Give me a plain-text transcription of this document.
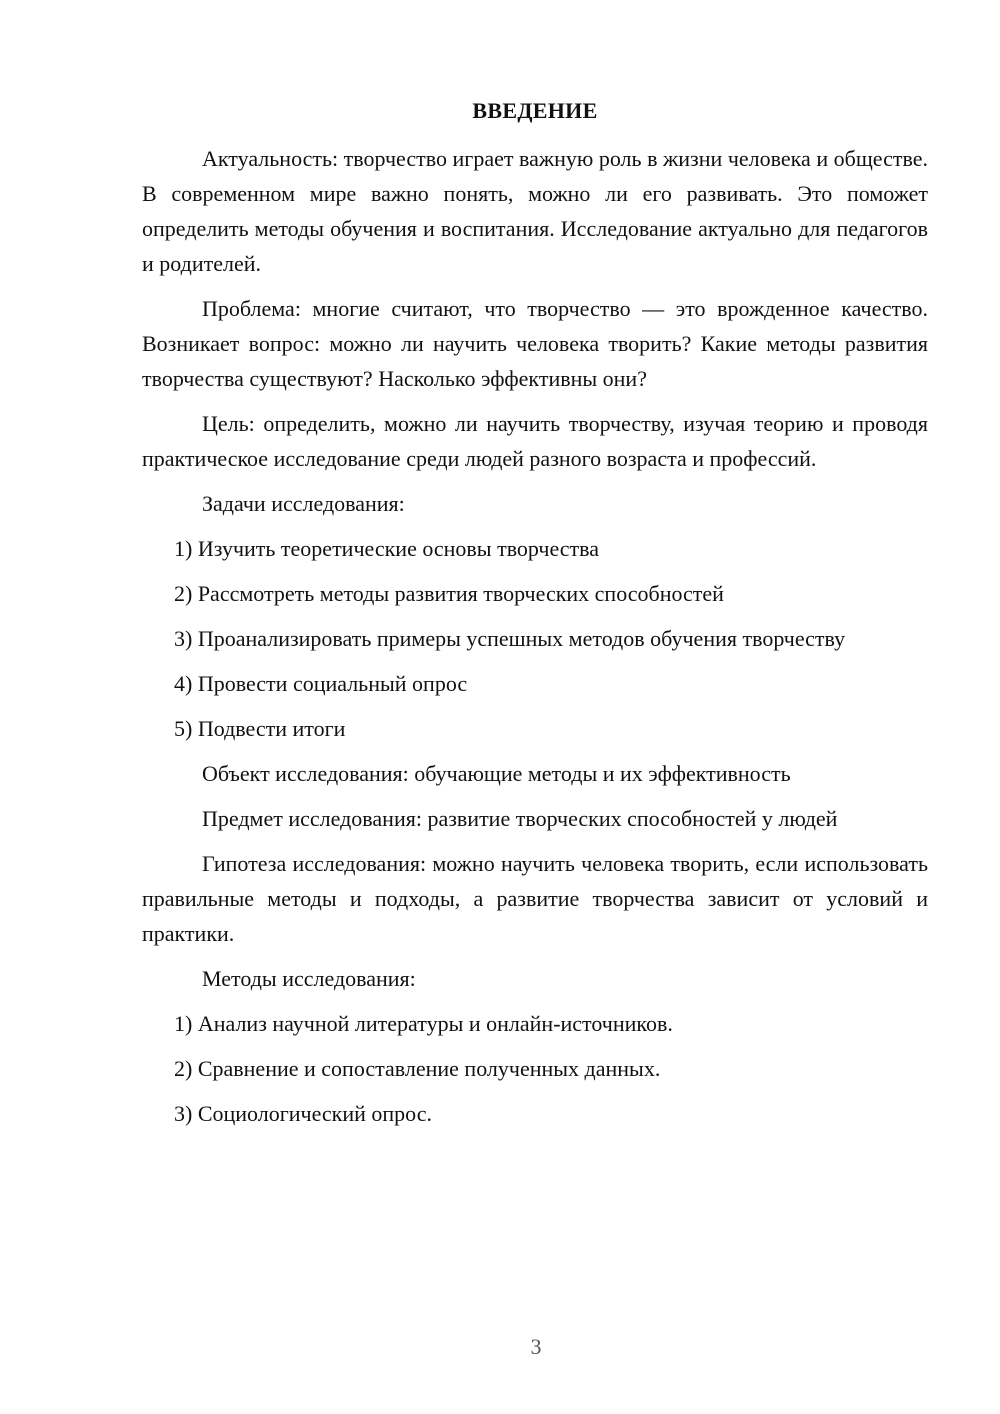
ВВЕДЕНИЕ

Актуальность: творчество играет важную роль в жизни человека и обществе. В современном мире важно понять, можно ли его развивать. Это поможет определить методы обучения и воспитания. Исследование актуально для педагогов и родителей.

Проблема: многие считают, что творчество — это врожденное качество. Возникает вопрос: можно ли научить человека творить? Какие методы развития творчества существуют? Насколько эффективны они?

Цель: определить, можно ли научить творчеству, изучая теорию и проводя практическое исследование среди людей разного возраста и профессий.

Задачи исследования:

1) Изучить теоретические основы творчества

2) Рассмотреть методы развития творческих способностей

3) Проанализировать примеры успешных методов обучения творчеству

4) Провести социальный опрос

5) Подвести итоги

Объект исследования: обучающие методы и их эффективность

Предмет исследования: развитие творческих способностей у людей

Гипотеза исследования: можно научить человека творить, если использовать правильные методы и подходы, а развитие творчества зависит от условий и практики.

Методы исследования:

1) Анализ научной литературы и онлайн-источников.

2) Сравнение и сопоставление полученных данных.

3) Социологический опрос.

3
